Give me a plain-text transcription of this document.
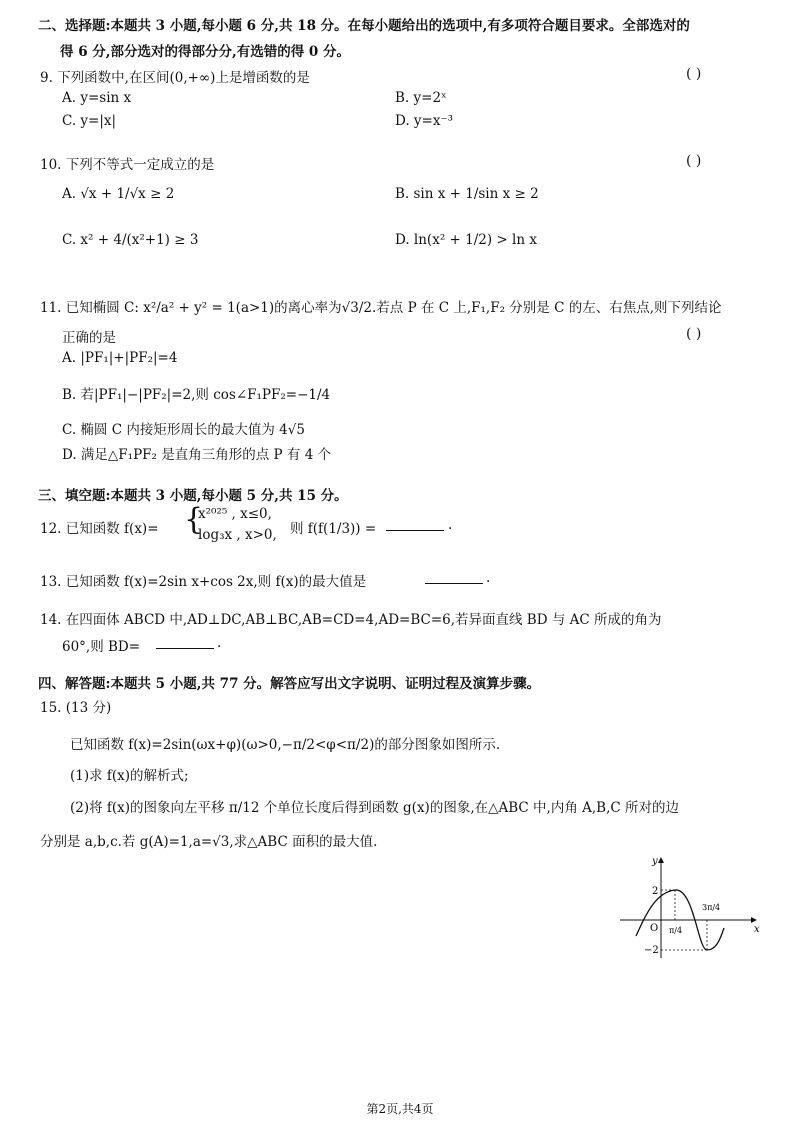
二、选择题:本题共 3 小题,每小题 6 分,共 18 分。在每小题给出的选项中,有多项符合题目要求。全部选对的
得 6 分,部分选对的得部分分,有选错的得 0 分。
9. 下列函数中,在区间(0,+∞)上是增函数的是	( )
A. y=sin x	B. y=2ˣ
C. y=|x|	D. y=x⁻³
10. 下列不等式一定成立的是	( )
A. √x + 1/√x ≥ 2	B. sin x + 1/sin x ≥ 2
C. x² + 4/(x²+1) ≥ 3	D. ln(x² + 1/2) > ln x
11. 已知椭圆 C: x²/a² + y² = 1(a>1)的离心率为√3/2.若点 P 在 C 上,F₁,F₂ 分别是 C 的左、右焦点,则下列结论
正确的是	( )
A. |PF₁|+|PF₂|=4
B. 若|PF₁|−|PF₂|=2,则 cos∠F₁PF₂=−1/4
C. 椭圆 C 内接矩形周长的最大值为 4√5
D. 满足△F₁PF₂ 是直角三角形的点 P 有 4 个
三、填空题:本题共 3 小题,每小题 5 分,共 15 分。
12. 已知函数 f(x)= {
x²⁰²⁵ , x≤0,
log₃x , x>0, 则 f(f(1/3)) =	.
13. 已知函数 f(x)=2sin x+cos 2x,则 f(x)的最大值是	.
14. 在四面体 ABCD 中,AD⊥DC,AB⊥BC,AB=CD=4,AD=BC=6,若异面直线 BD 与 AC 所成的角为
60°,则 BD=	.
四、解答题:本题共 5 小题,共 77 分。解答应写出文字说明、证明过程及演算步骤。
15. (13 分)
已知函数 f(x)=2sin(ωx+φ)(ω>0,−π/2<φ<π/2)的部分图象如图所示.
(1)求 f(x)的解析式;
(2)将 f(x)的图象向左平移 π/12 个单位长度后得到函数 g(x)的图象,在△ABC 中,内角 A,B,C 所对的边
分别是 a,b,c.若 g(A)=1,a=√3,求△ABC 面积的最大值.
y
x
O
2
−2
π/4
3π/4
第2页,共4页
